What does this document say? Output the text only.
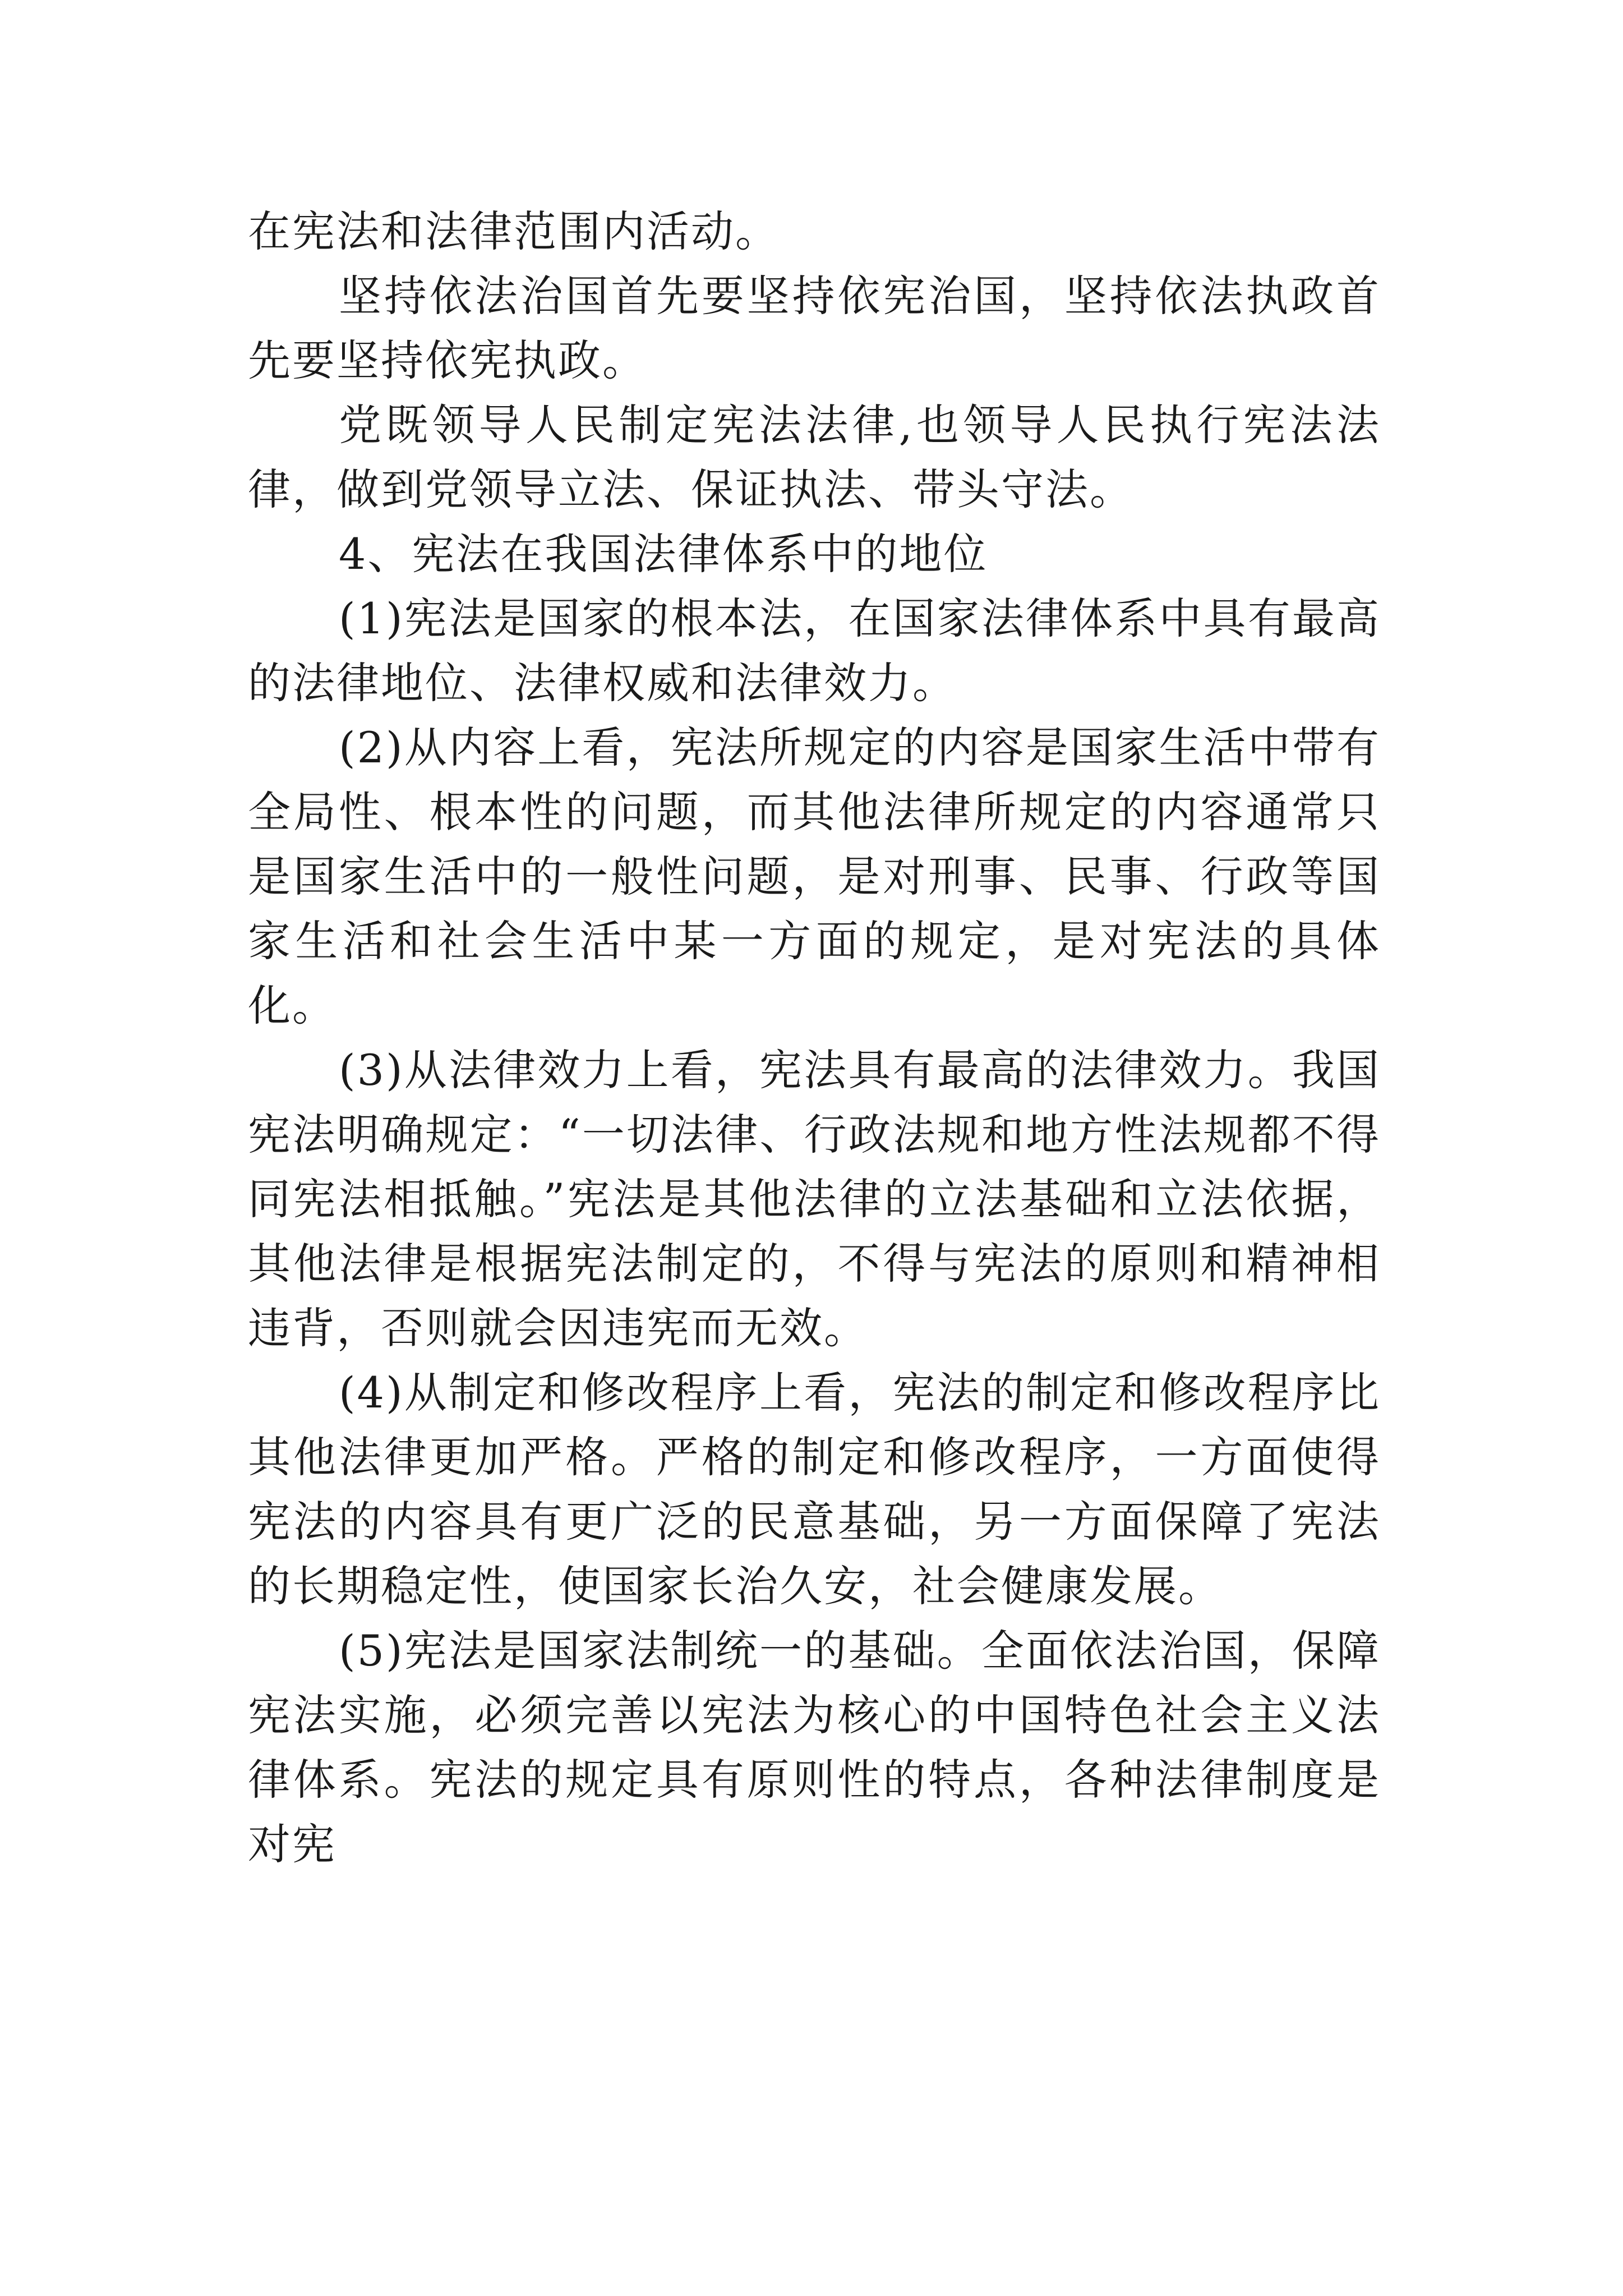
在宪法和法律范围内活动。

坚持依法治国首先要坚持依宪治国，坚持依法执政首先要坚持依宪执政。

党既领导人民制定宪法法律,也领导人民执行宪法法律，做到党领导立法、保证执法、带头守法。

4、宪法在我国法律体系中的地位

(1)宪法是国家的根本法，在国家法律体系中具有最高的法律地位、法律权威和法律效力。

(2)从内容上看，宪法所规定的内容是国家生活中带有全局性、根本性的问题，而其他法律所规定的内容通常只是国家生活中的一般性问题，是对刑事、民事、行政等国家生活和社会生活中某一方面的规定，是对宪法的具体化。

(3)从法律效力上看，宪法具有最高的法律效力。我国宪法明确规定：“一切法律、行政法规和地方性法规都不得同宪法相抵触。”宪法是其他法律的立法基础和立法依据，其他法律是根据宪法制定的，不得与宪法的原则和精神相违背，否则就会因违宪而无效。

(4)从制定和修改程序上看，宪法的制定和修改程序比其他法律更加严格。严格的制定和修改程序，一方面使得宪法的内容具有更广泛的民意基础，另一方面保障了宪法的长期稳定性，使国家长治久安，社会健康发展。

(5)宪法是国家法制统一的基础。全面依法治国，保障宪法实施，必须完善以宪法为核心的中国特色社会主义法律体系。宪法的规定具有原则性的特点，各种法律制度是对宪
